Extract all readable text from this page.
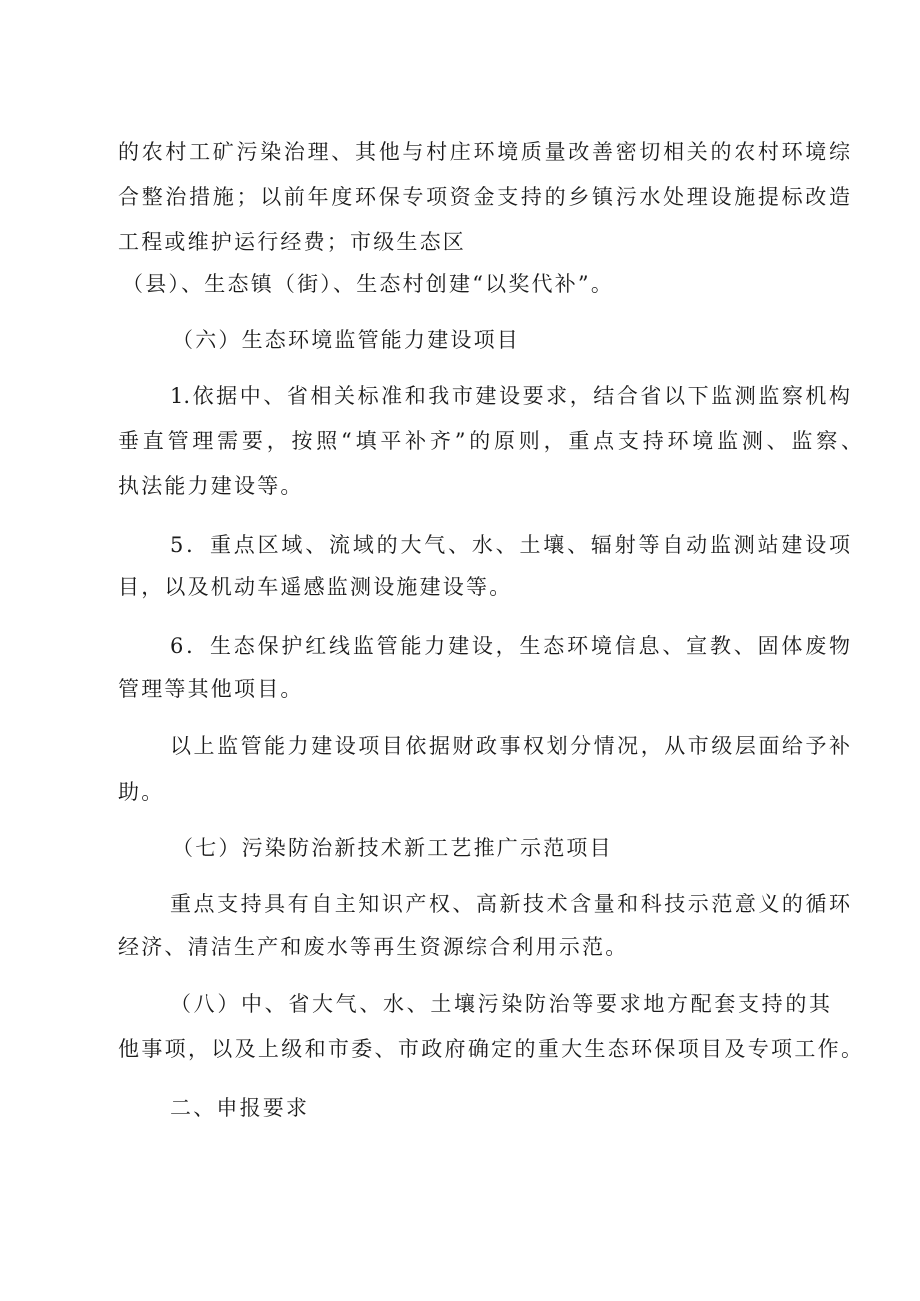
的农村工矿污染治理、其他与村庄环境质量改善密切相关的农村环境综
合整治措施；以前年度环保专项资金支持的乡镇污水处理设施提标改造
工程或维护运行经费；市级生态区
（县）、生态镇（街）、生态村创建“以奖代补”。
（六）生态环境监管能力建设项目
1.依据中、省相关标准和我市建设要求，结合省以下监测监察机构
垂直管理需要，按照“填平补齐”的原则，重点支持环境监测、监察、
执法能力建设等。
5．重点区域、流域的大气、水、土壤、辐射等自动监测站建设项
目，以及机动车遥感监测设施建设等。
6．生态保护红线监管能力建设，生态环境信息、宣教、固体废物
管理等其他项目。
以上监管能力建设项目依据财政事权划分情况，从市级层面给予补
助。
（七）污染防治新技术新工艺推广示范项目
重点支持具有自主知识产权、高新技术含量和科技示范意义的循环
经济、清洁生产和废水等再生资源综合利用示范。
（八）中、省大气、水、土壤污染防治等要求地方配套支持的其
他事项，以及上级和市委、市政府确定的重大生态环保项目及专项工作。
二、申报要求
